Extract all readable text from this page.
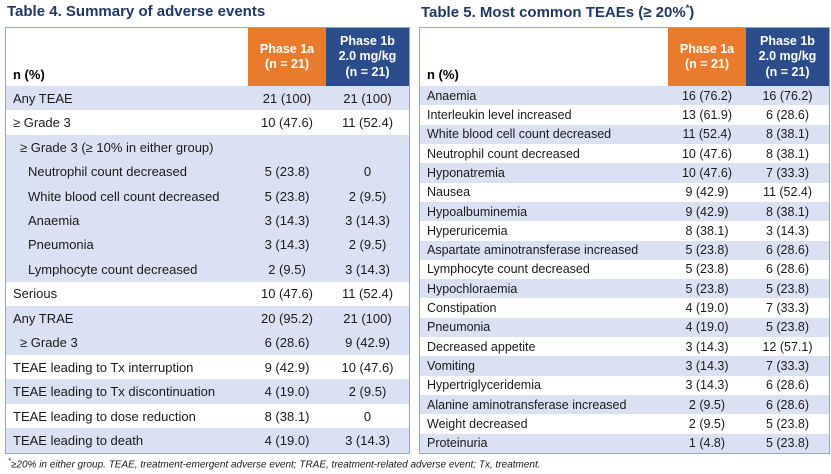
Table 4. Summary of adverse events
n (%)
Phase 1a
(n = 21)
Phase 1b
2.0 mg/kg
(n = 21)
Any TEAE	21 (100)	21 (100)
≥ Grade 3	10 (47.6)	11 (52.4)
≥ Grade 3 (≥ 10% in either group)
Neutrophil count decreased	5 (23.8)	0
White blood cell count decreased	5 (23.8)	2 (9.5)
Anaemia	3 (14.3)	3 (14.3)
Pneumonia	3 (14.3)	2 (9.5)
Lymphocyte count decreased	2 (9.5)	3 (14.3)
Serious	10 (47.6)	11 (52.4)
Any TRAE	20 (95.2)	21 (100)
≥ Grade 3	6 (28.6)	9 (42.9)
TEAE leading to Tx interruption	9 (42.9)	10 (47.6)
TEAE leading to Tx discontinuation	4 (19.0)	2 (9.5)
TEAE leading to dose reduction	8 (38.1)	0
TEAE leading to death	4 (19.0)	3 (14.3)
Table 5. Most common TEAEs (≥ 20%*)
n (%)
Phase 1a
(n = 21)
Phase 1b
2.0 mg/kg
(n = 21)
Anaemia	16 (76.2)	16 (76.2)
Interleukin level increased	13 (61.9)	6 (28.6)
White blood cell count decreased	11 (52.4)	8 (38.1)
Neutrophil count decreased	10 (47.6)	8 (38.1)
Hyponatremia	10 (47.6)	7 (33.3)
Nausea	9 (42.9)	11 (52.4)
Hypoalbuminemia	9 (42.9)	8 (38.1)
Hyperuricemia	8 (38.1)	3 (14.3)
Aspartate aminotransferase increased	5 (23.8)	6 (28.6)
Lymphocyte count decreased	5 (23.8)	6 (28.6)
Hypochloraemia	5 (23.8)	5 (23.8)
Constipation	4 (19.0)	7 (33.3)
Pneumonia	4 (19.0)	5 (23.8)
Decreased appetite	3 (14.3)	12 (57.1)
Vomiting	3 (14.3)	7 (33.3)
Hypertriglyceridemia	3 (14.3)	6 (28.6)
Alanine aminotransferase increased	2 (9.5)	6 (28.6)
Weight decreased	2 (9.5)	5 (23.8)
Proteinuria	1 (4.8)	5 (23.8)
*≥20% in either group. TEAE, treatment-emergent adverse event; TRAE, treatment-related adverse event; Tx, treatment.
